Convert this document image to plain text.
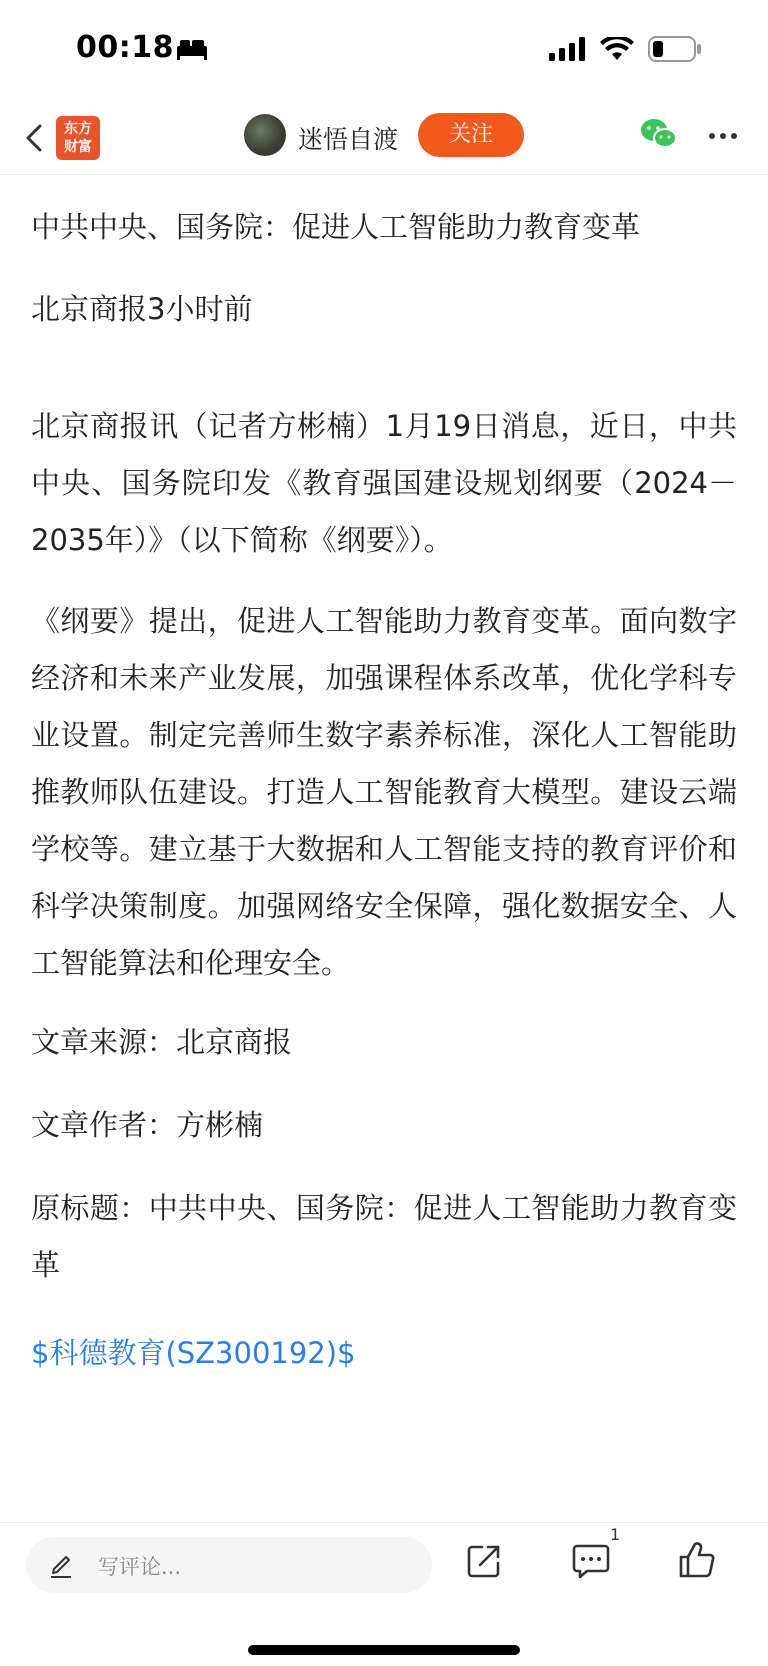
00:18
东方
财富	迷悟自渡	关注
中共中央、国务院：促进人工智能助力教育变革
北京商报3小时前
北京商报讯（记者方彬楠）1月19日消息，近日，中共中央、国务院印发《教育强国建设规划纲要（2024－2035年）》（以下简称《纲要》）。
《纲要》提出，促进人工智能助力教育变革。面向数字经济和未来产业发展，加强课程体系改革，优化学科专业设置。制定完善师生数字素养标准，深化人工智能助推教师队伍建设。打造人工智能教育大模型。建设云端学校等。建立基于大数据和人工智能支持的教育评价和科学决策制度。加强网络安全保障，强化数据安全、人工智能算法和伦理安全。
文章来源：北京商报
文章作者：方彬楠
原标题：中共中央、国务院：促进人工智能助力教育变革
$科德教育(SZ300192)$
写评论...
1
